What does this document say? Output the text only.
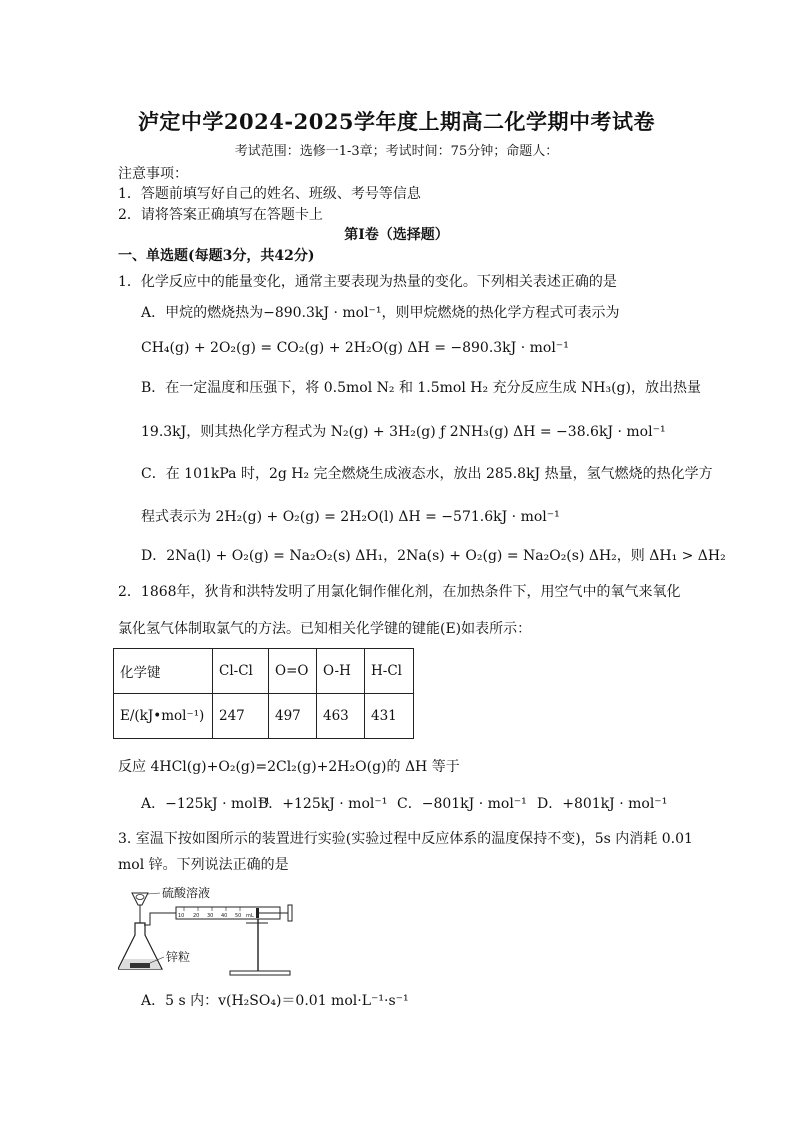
泸定中学2024-2025学年度上期高二化学期中考试卷
考试范围：选修一1-3章；考试时间：75分钟；命题人：
注意事项：
1．答题前填写好自己的姓名、班级、考号等信息
2．请将答案正确填写在答题卡上
第Ⅰ卷（选择题）
一、单选题(每题3分，共42分)
1．化学反应中的能量变化，通常主要表现为热量的变化。下列相关表述正确的是
A．甲烷的燃烧热为−890.3kJ · mol⁻¹，则甲烷燃烧的热化学方程式可表示为
CH₄(g) + 2O₂(g) = CO₂(g) + 2H₂O(g) ΔH = −890.3kJ · mol⁻¹
B．在一定温度和压强下，将 0.5mol N₂ 和 1.5mol H₂ 充分反应生成 NH₃(g)，放出热量
19.3kJ，则其热化学方程式为 N₂(g) + 3H₂(g) ƒ 2NH₃(g) ΔH = −38.6kJ · mol⁻¹
C．在 101kPa 时，2g H₂ 完全燃烧生成液态水，放出 285.8kJ 热量，氢气燃烧的热化学方
程式表示为 2H₂(g) + O₂(g) = 2H₂O(l) ΔH = −571.6kJ · mol⁻¹
D．2Na(l) + O₂(g) = Na₂O₂(s) ΔH₁，2Na(s) + O₂(g) = Na₂O₂(s) ΔH₂，则 ΔH₁ > ΔH₂
2．1868年，狄肯和洪特发明了用氯化铜作催化剂，在加热条件下，用空气中的氧气来氧化
氯化氢气体制取氯气的方法。已知相关化学键的键能(E)如表所示：
化学键	Cl-Cl	O=O	O-H	H-Cl
E/(kJ•mol⁻¹)	247	497	463	431
反应 4HCl(g)+O₂(g)=2Cl₂(g)+2H₂O(g)的 ΔH 等于
A．−125kJ · mol⁻¹
B．+125kJ · mol⁻¹ C．−801kJ · mol⁻¹ D．+801kJ · mol⁻¹
3. 室温下按如图所示的装置进行实验(实验过程中反应体系的温度保持不变)，5s 内消耗 0.01
mol 锌。下列说法正确的是
10 20 30 40 50 mL
硫酸溶液
锌粒
A．5 s 内：v(H₂SO₄)＝0.01 mol·L⁻¹·s⁻¹
